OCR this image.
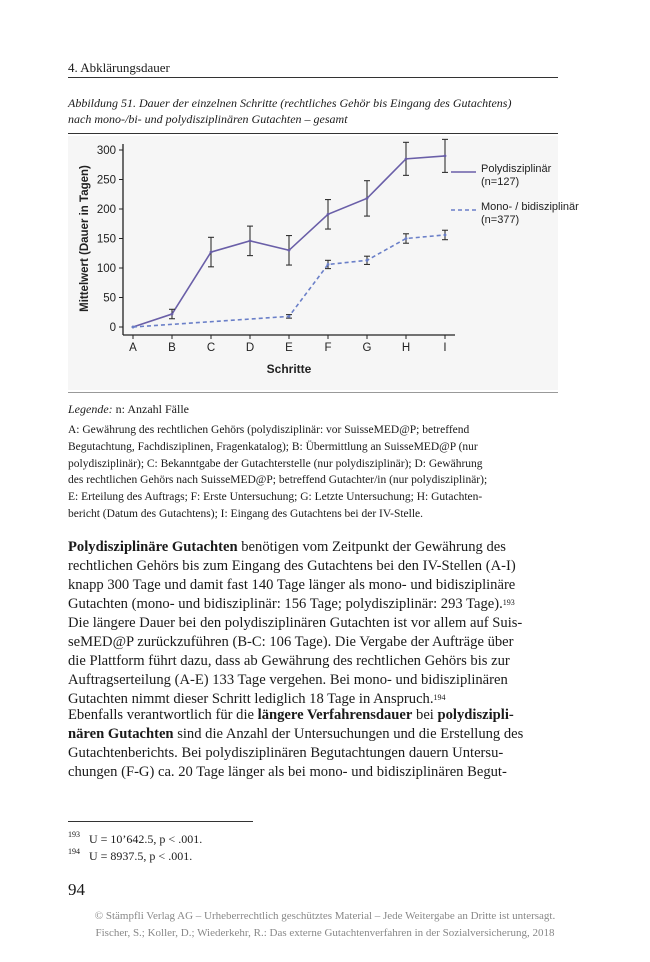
4. Abklärungsdauer
Abbildung 51. Dauer der einzelnen Schritte (rechtliches Gehör bis Eingang des Gutachtens)
nach mono-/bi- und polydisziplinären Gutachten – gesamt
0
50
100
150
200
250
300
A	B	C	D	E	F	G	H	I
Schritte
Mittelwert (Dauer in Tagen)	Polydisziplinär
(n=127)
Mono- / bidisziplinär
(n=377)
Legende: n: Anzahl Fälle
A: Gewährung des rechtlichen Gehörs (polydisziplinär: vor SuisseMED@P; betreffend
Begutachtung, Fachdisziplinen, Fragenkatalog); B: Übermittlung an SuisseMED@P (nur
polydisziplinär); C: Bekanntgabe der Gutachterstelle (nur polydisziplinär); D: Gewährung
des rechtlichen Gehörs nach SuisseMED@P; betreffend Gutachter/in (nur polydisziplinär);
E: Erteilung des Auftrags; F: Erste Untersuchung; G: Letzte Untersuchung; H: Gutachten-
bericht (Datum des Gutachtens); I: Eingang des Gutachtens bei der IV-Stelle.
Polydisziplinäre Gutachten benötigen vom Zeitpunkt der Gewährung des
rechtlichen Gehörs bis zum Eingang des Gutachtens bei den IV-Stellen (A-I)
knapp 300 Tage und damit fast 140 Tage länger als mono- und bidisziplinäre
Gutachten (mono- und bidisziplinär: 156 Tage; polydisziplinär: 293 Tage).$^{193}$
Die längere Dauer bei den polydisziplinären Gutachten ist vor allem auf Suis-
seMED@P zurückzuführen (B-C: 106 Tage). Die Vergabe der Aufträge über
die Plattform führt dazu, dass ab Gewährung des rechtlichen Gehörs bis zur
Auftragserteilung (A-E) 133 Tage vergehen. Bei mono- und bidisziplinären
Gutachten nimmt dieser Schritt lediglich 18 Tage in Anspruch.$^{194}$
Ebenfalls verantwortlich für die längere Verfahrensdauer bei polydiszipli-
nären Gutachten sind die Anzahl der Untersuchungen und die Erstellung des
Gutachtenberichts. Bei polydisziplinären Begutachtungen dauern Untersu-
chungen (F-G) ca. 20 Tage länger als bei mono- und bidisziplinären Begut-
$^{193}$ U = 10’642.5, p < .001.
$^{194}$ U = 8937.5, p < .001.
94
© Stämpfli Verlag AG – Urheberrechtlich geschütztes Material – Jede Weitergabe an Dritte ist untersagt.
Fischer, S.; Koller, D.; Wiederkehr, R.: Das externe Gutachtenverfahren in der Sozialversicherung, 2018
